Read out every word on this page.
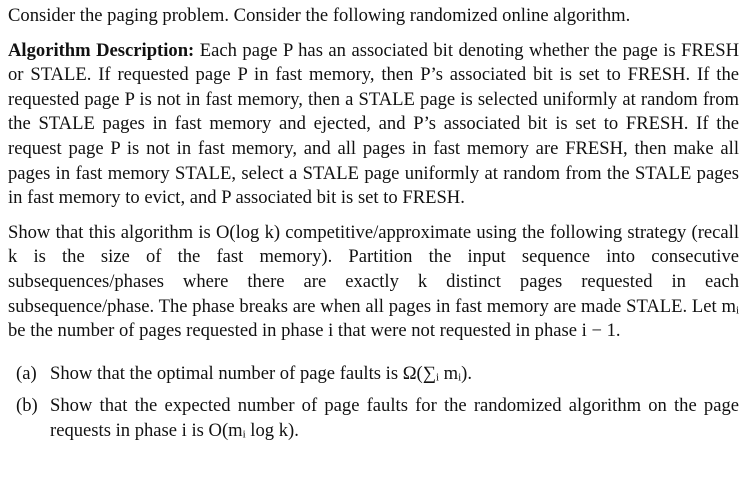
Consider the paging problem. Consider the following randomized online algorithm.

Algorithm Description: Each page P has an associated bit denoting whether the page is FRESH or STALE. If requested page P in fast memory, then P’s associated bit is set to FRESH. If the requested page P is not in fast memory, then a STALE page is selected uniformly at random from the STALE pages in fast memory and ejected, and P’s associated bit is set to FRESH. If the request page P is not in fast memory, and all pages in fast memory are FRESH, then make all pages in fast memory STALE, select a STALE page uniformly at random from the STALE pages in fast memory to evict, and P associated bit is set to FRESH.

Show that this algorithm is O(log k) competitive/approximate using the following strategy (recall k is the size of the fast memory). Partition the input sequence into consecutive subsequences/phases where there are exactly k distinct pages requested in each subsequence/phase. The phase breaks are when all pages in fast memory are made STALE. Let mᵢ be the number of pages requested in phase i that were not requested in phase i − 1.

(a) Show that the optimal number of page faults is Ω(∑ᵢ mᵢ).
(b) Show that the expected number of page faults for the randomized algorithm on the page requests in phase i is O(mᵢ log k).
